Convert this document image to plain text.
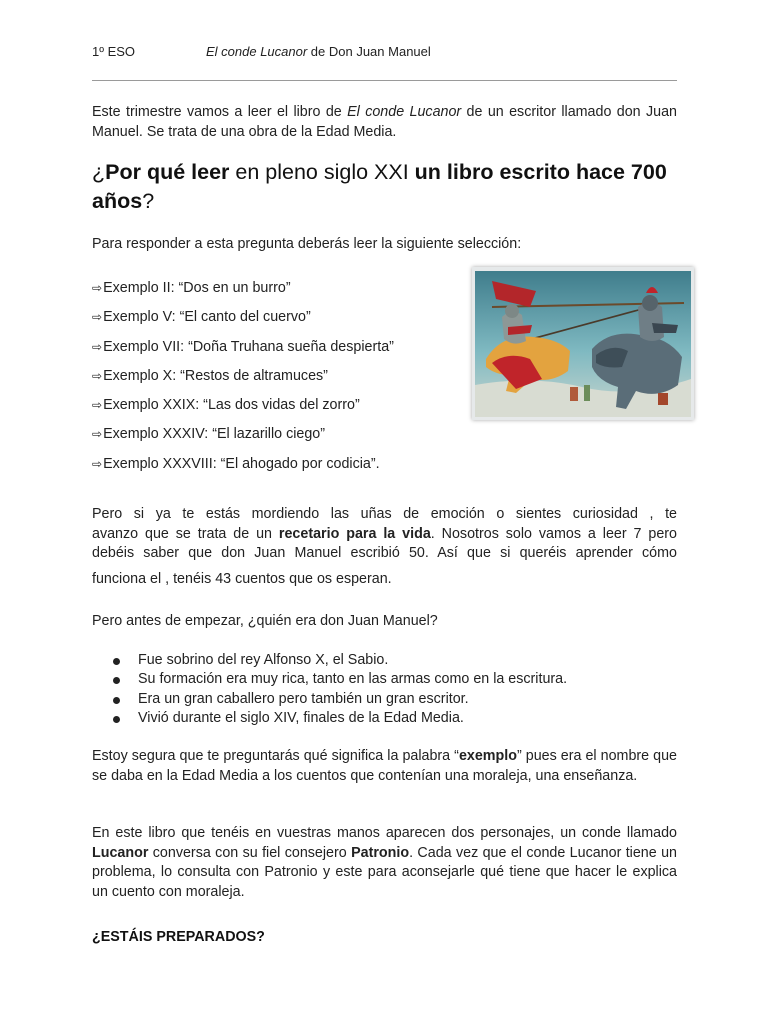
1º ESO	El conde Lucanor de Don Juan Manuel

Este trimestre vamos a leer el libro de El conde Lucanor de un escritor llamado don Juan Manuel. Se trata de una obra de la Edad Media.

¿Por qué leer en pleno siglo XXI un libro escrito hace 700 años?

Para responder a esta pregunta deberás leer la siguiente selección:

⇨Exemplo II: “Dos en un burro”
⇨Exemplo V: “El canto del cuervo”
⇨Exemplo VII: “Doña Truhana sueña despierta”
⇨Exemplo X: “Restos de altramuces”
⇨Exemplo XXIX: “Las dos vidas del zorro”
⇨Exemplo XXXIV: “El lazarillo ciego”
⇨Exemplo XXXVIII: “El ahogado por codicia”.
Pero si ya te estás mordiendo las uñas de emoción o sientes curiosidad , te
avanzo que se trata de un recetario para la vida. Nosotros solo vamos a leer 7 pero
debéis saber que don Juan Manuel escribió 50. Así que si queréis aprender cómo
funciona el , tenéis 43 cuentos que os esperan.

Pero antes de empezar, ¿quién era don Juan Manuel?

Fue sobrino del rey Alfonso X, el Sabio.
Su formación era muy rica, tanto en las armas como en la escritura.
Era un gran caballero pero también un gran escritor.
Vivió durante el siglo XIV, finales de la Edad Media.

Estoy segura que te preguntarás qué significa la palabra “exemplo” pues era el nombre que se daba en la Edad Media a los cuentos que contenían una moraleja, una enseñanza.

En este libro que tenéis en vuestras manos aparecen dos personajes, un conde llamado Lucanor conversa con su fiel consejero Patronio. Cada vez que el conde Lucanor tiene un problema, lo consulta con Patronio y este para aconsejarle qué tiene que hacer le explica un cuento con moraleja.

¿ESTÁIS PREPARADOS?
